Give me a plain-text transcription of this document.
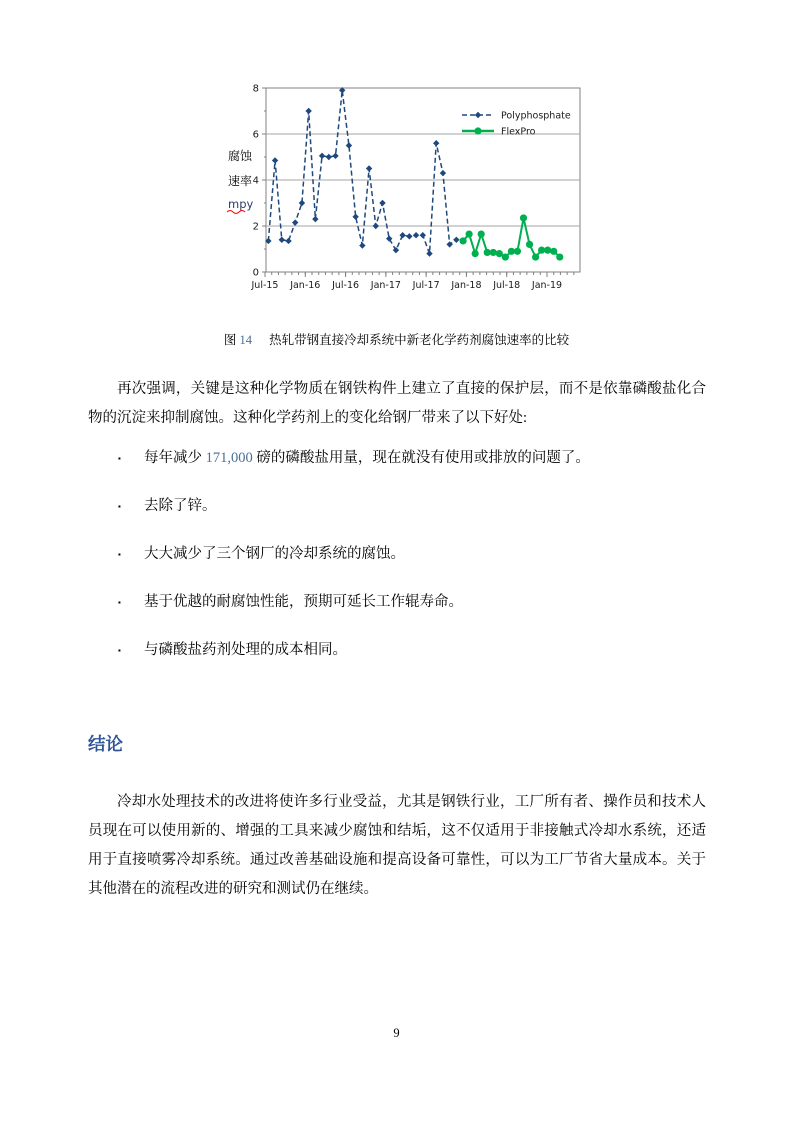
腐蚀
速率
mpy
0
2
4
6
8
Jul-15 Jan-16 Jul-16 Jan-17 Jul-17 Jan-18 Jul-18 Jan-19
Polyphosphate
FlexPro
图 14 热轧带钢直接冷却系统中新老化学药剂腐蚀速率的比较

再次强调，关键是这种化学物质在钢铁构件上建立了直接的保护层，而不是依靠磷酸盐化合物的沉淀来抑制腐蚀。这种化学药剂上的变化给钢厂带来了以下好处:

▪	每年减少 171,000 磅的磷酸盐用量，现在就没有使用或排放的问题了。
▪	去除了锌。
▪	大大减少了三个钢厂的冷却系统的腐蚀。
▪	基于优越的耐腐蚀性能，预期可延长工作辊寿命。
▪	与磷酸盐药剂处理的成本相同。
结论

冷却水处理技术的改进将使许多行业受益，尤其是钢铁行业，工厂所有者、操作员和技术人员现在可以使用新的、增强的工具来减少腐蚀和结垢，这不仅适用于非接触式冷却水系统，还适用于直接喷雾冷却系统。通过改善基础设施和提高设备可靠性，可以为工厂节省大量成本。关于其他潜在的流程改进的研究和测试仍在继续。

9
